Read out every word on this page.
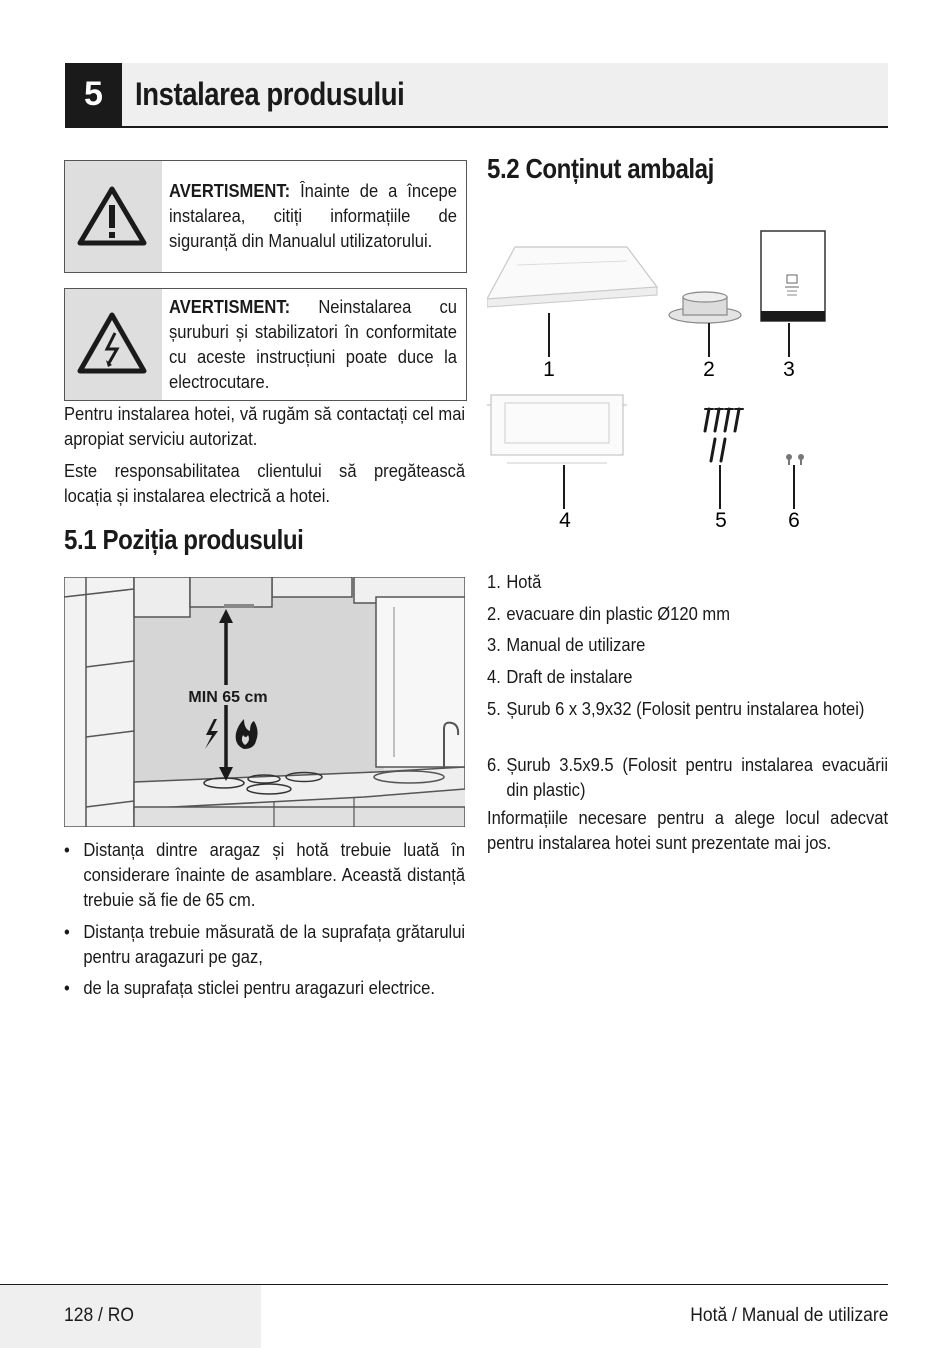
5	Instalarea produsului
AVERTISMENT: Înainte de a începe instalarea, citiți informațiile de siguranță din Manualul utilizatorului.
AVERTISMENT: Neinstalarea cu șuruburi și stabilizatori în conformitate cu aceste instrucțiuni poate duce la electrocutare.
Pentru instalarea hotei, vă rugăm să contactați cel mai apropiat serviciu autorizat.
Este responsabilitatea clientului să pregătească locația și instalarea electrică a hotei.
5.1 Poziția produsului
MIN 65 cm
• Distanța dintre aragaz și hotă trebuie luată în considerare înainte de asamblare. Această distanță trebuie să fie de 65 cm.
• Distanța trebuie măsurată de la suprafața grătarului pentru aragazuri pe gaz,
• de la suprafața sticlei pentru aragazuri electrice.
5.2 Conținut ambalaj
1	2	3
4	5	6
1. Hotă
2. evacuare din plastic Ø120 mm
3. Manual de utilizare
4. Draft de instalare
5. Șurub 6 x 3,9x32 (Folosit pentru instalarea hotei)
6. Șurub 3.5x9.5 (Folosit pentru instalarea evacuării din plastic)
Informațiile necesare pentru a alege locul adecvat pentru instalarea hotei sunt prezentate mai jos.
128 / RO	Hotă / Manual de utilizare
